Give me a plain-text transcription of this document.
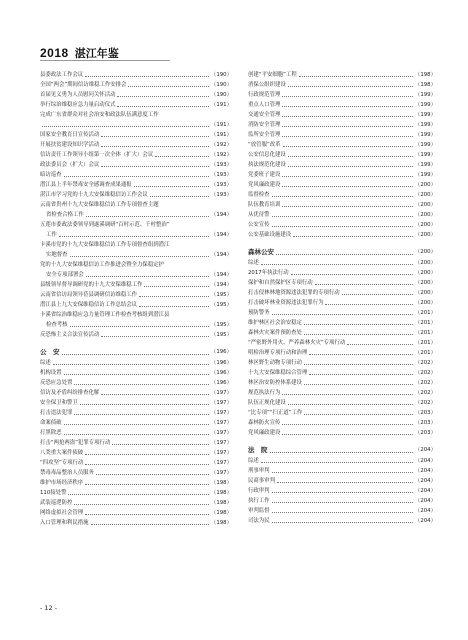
2018 湛江年鉴
县委政法工作会议	（190）
全国“两会”期间信访维稳工作安排会	（190）
首届见义勇为人员慰问关怀活动	（190）
举行综治维稳应急力量启动仪式	（191）
完成广东省群众对社会治安和政法队伍满意度工作
（191）
国家安全教育日宣传活动	（191）
开展扶贫建设知识学活动	（192）
信访责任工作领导小组第一次全体（扩大）会议	（192）
政法委员会（扩大）会议	（193）
暗访巡查	（193）
潜江县上半年禁毒安全感调查成果通报	（193）
湛江市学习党的十九大安保维稳信访工作会议	（193）
云南省贵州十九大安保维稳信访工作专项督查主题
省检查合格工作	（194）
五莲市委政法委领导到遂溪调研“百村示范、千村整治”
工作	（194）
卡溪市党的十九大安保维稳信访工作专项督查组到潜江
实地督查	（194）
党的十九大安保维稳信访工作推进会暨全力保稳定护
安全专项部署会	（194）
县级领导督导调研党的十九大安保维稳工作	（194）
云南省信访局领导莅县调研信访维稳工作	（195）
潜江县上九大安保维稳信访工作总结会议	（195）
卡溪省综治维稳应急力量管理工作检查考核组到潜江县
检查考核	（195）
反恐怖主义合法宣传活动	（195）
公　安	（196）
综述	（196）
机构设置	（196）
反恐应急处置	（196）
信访及矛盾纠纷排查化解	（197）
安全保卫和警卫	（197）
打击违法犯罪	（197）
命案侦破	（197）
打黑除恶	（197）
打击“两抢两盗”犯罪专项行动	（197）
八类重大案件侦破	（197）
“四攻坚”专项行动	（197）
禁毒毒品整治人员服务	（197）
维护市场经济秩序	（198）
110接处警	（198）
武装巡逻防控	（198）
网络虚拟社会管理	（198）
入口管理和利民措施	（198）
创建“平安细胞”工程	（198）
消保公组织建设	（198）
行政规范管理	（199）
重点人口管理	（199）
交通安全管理	（199）
消防安全管理	（199）
监所安全管理	（199）
“放管服”改革	（199）
公安信息化建设	（199）
执法规范化建设	（199）
党委班子建设	（199）
党风廉政建设	（200）
监督检查	（200）
队伍教育培训	（200）
从优待警	（200）
公安宣传	（200）
公安基础设施建设	（200）
森林公安	（200）
综述	（200）
2017年执法行动	（200）
保护和自然保护区专项行动	（200）
打击侵林林地资源违法犯罪的专项行动	（200）
打击破坏林业资源违法犯罪行为	（200）
预防警务	（201）
维护林区社会治安稳定	（201）
森林火灾案件预防查处	（201）
“严密野外用火、严养森林火灾”专项行动	（201）
明检治理专项行动和治理	（201）
林区野生动物专项行动	（202）
十九大安保维稳综合管理	（202）
林区治安防控体系建设	（202）
规范执法行为	（202）
队伍正规化建设	（202）
“比专项”“扫正道”工作	（203）
森林防火宣传	（203）
党风廉政建设	（203）
法　院	（204）
综述	（204）
刑事审判	（204）
民商事审判	（204）
行政审判	（204）
执行工作	（204）
审判监督	（204）
司法为民	（204）
- 12 -
